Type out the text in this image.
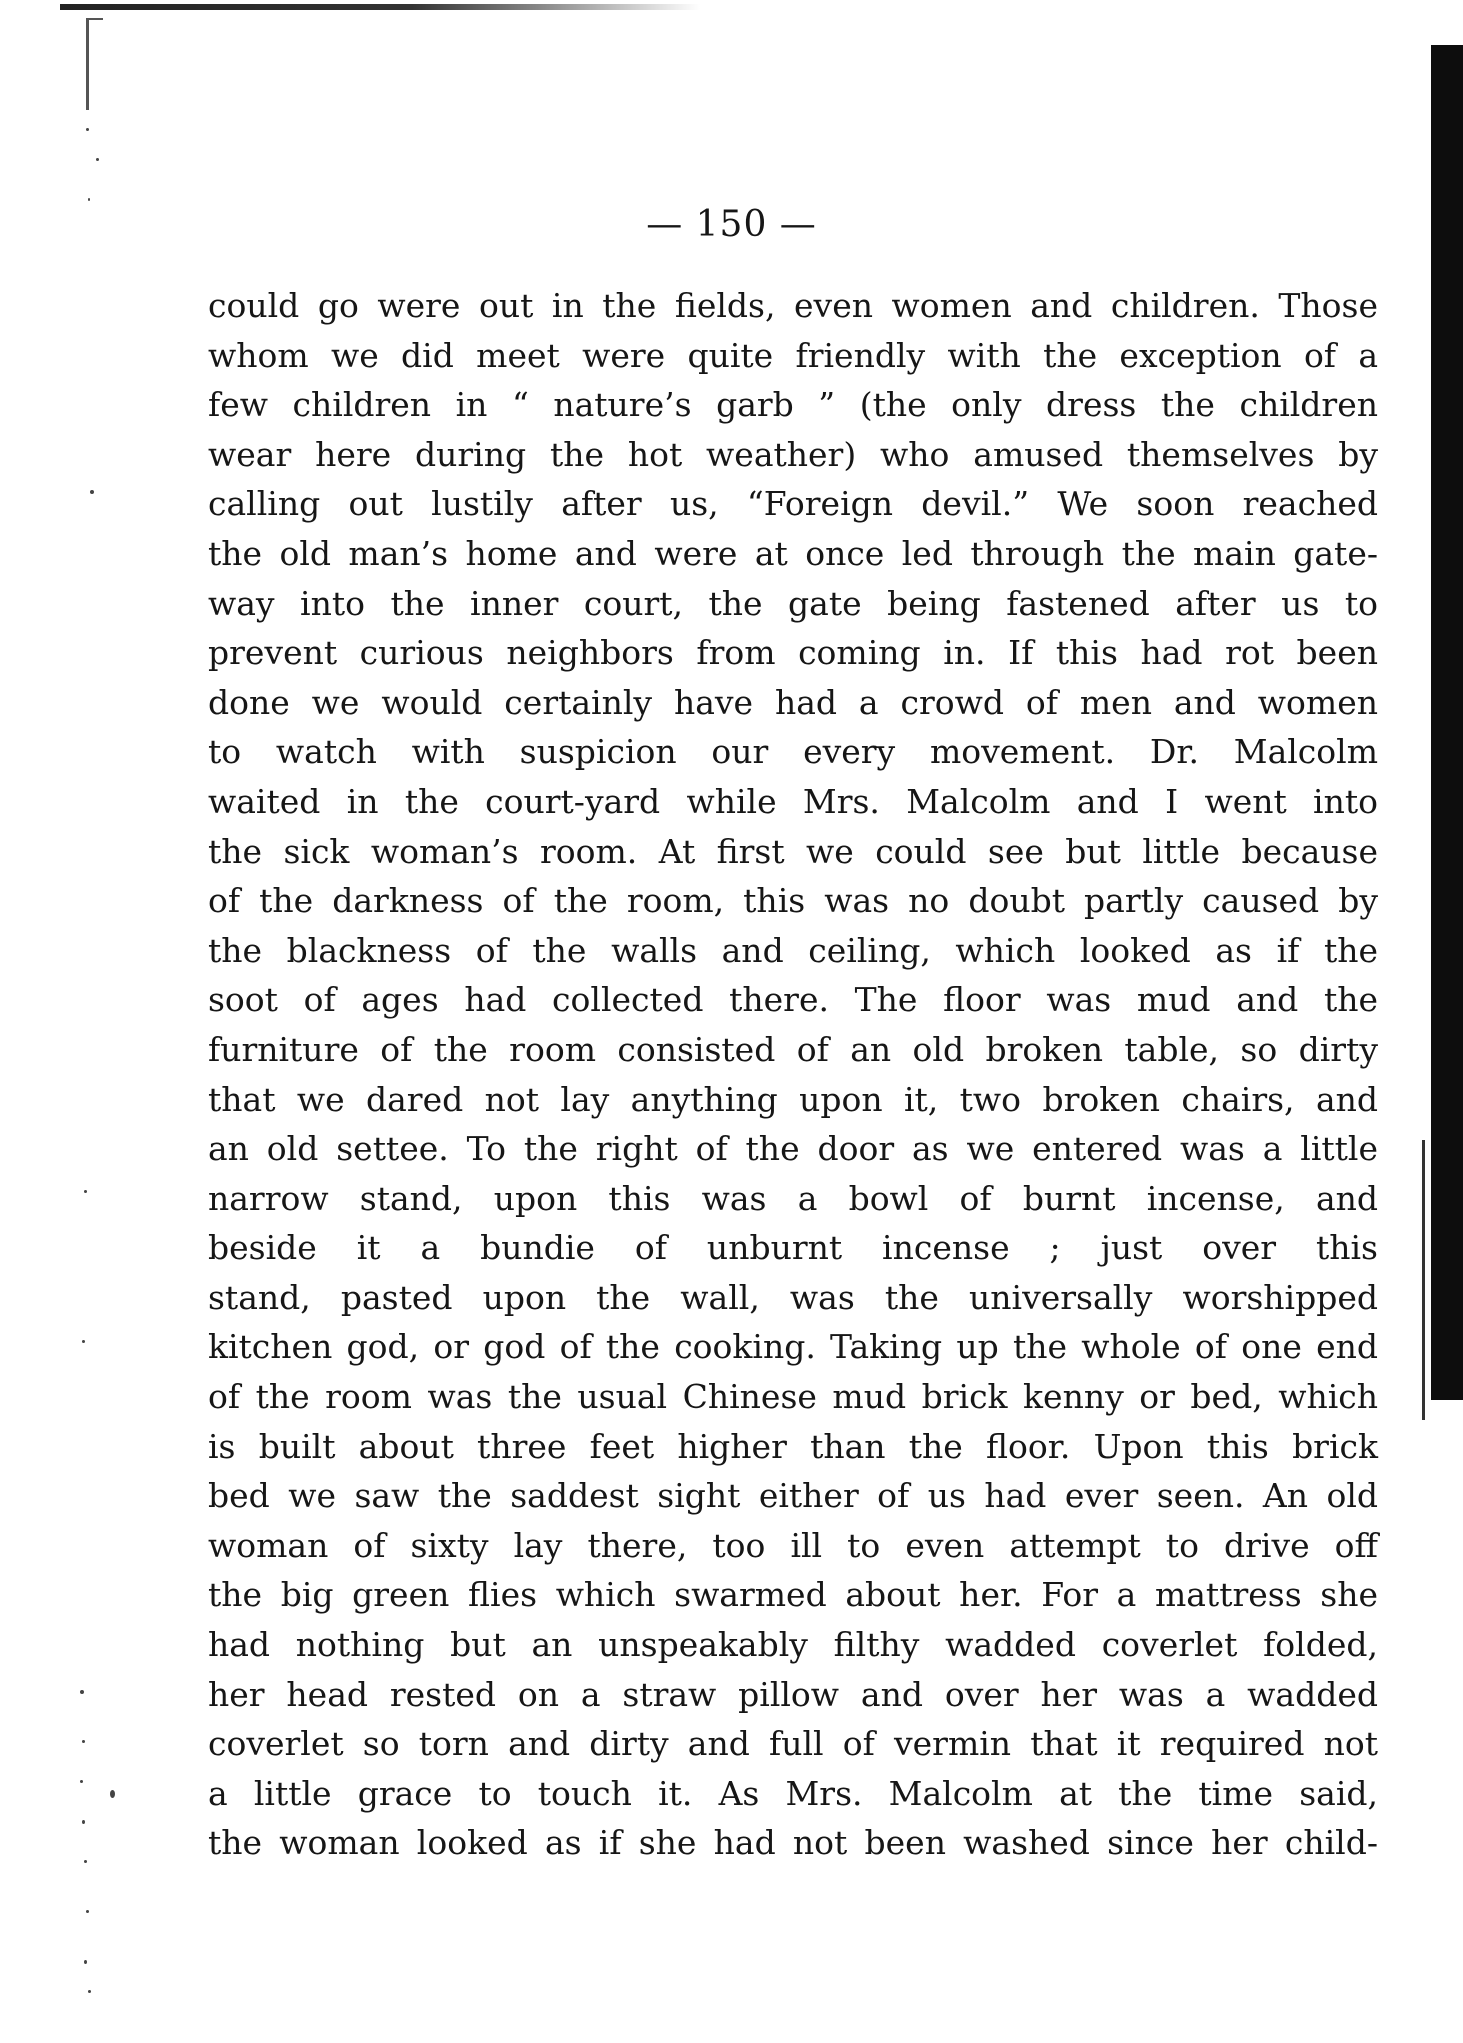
— 150 —
could go were out in the fields, even women and children. Those
whom we did meet were quite friendly with the exception of a
few children in “ nature’s garb ” (the only dress the children
wear here during the hot weather) who amused themselves by
calling out lustily after us, “Foreign devil.” We soon reached
the old man’s home and were at once led through the main gate-
way into the inner court, the gate being fastened after us to
prevent curious neighbors from coming in. If this had rot been
done we would certainly have had a crowd of men and women
to watch with suspicion our every movement. Dr. Malcolm
waited in the court-yard while Mrs. Malcolm and I went into
the sick woman’s room. At first we could see but little because
of the darkness of the room, this was no doubt partly caused by
the blackness of the walls and ceiling, which looked as if the
soot of ages had collected there. The floor was mud and the
furniture of the room consisted of an old broken table, so dirty
that we dared not lay anything upon it, two broken chairs, and
an old settee. To the right of the door as we entered was a little
narrow stand, upon this was a bowl of burnt incense, and
beside it a bundie of unburnt incense ; just over this
stand, pasted upon the wall, was the universally worshipped
kitchen god, or god of the cooking. Taking up the whole of one end
of the room was the usual Chinese mud brick kenny or bed, which
is built about three feet higher than the floor. Upon this brick
bed we saw the saddest sight either of us had ever seen. An old
woman of sixty lay there, too ill to even attempt to drive off
the big green flies which swarmed about her. For a mattress she
had nothing but an unspeakably filthy wadded coverlet folded,
her head rested on a straw pillow and over her was a wadded
coverlet so torn and dirty and full of vermin that it required not
a little grace to touch it. As Mrs. Malcolm at the time said,
the woman looked as if she had not been washed since her child-
